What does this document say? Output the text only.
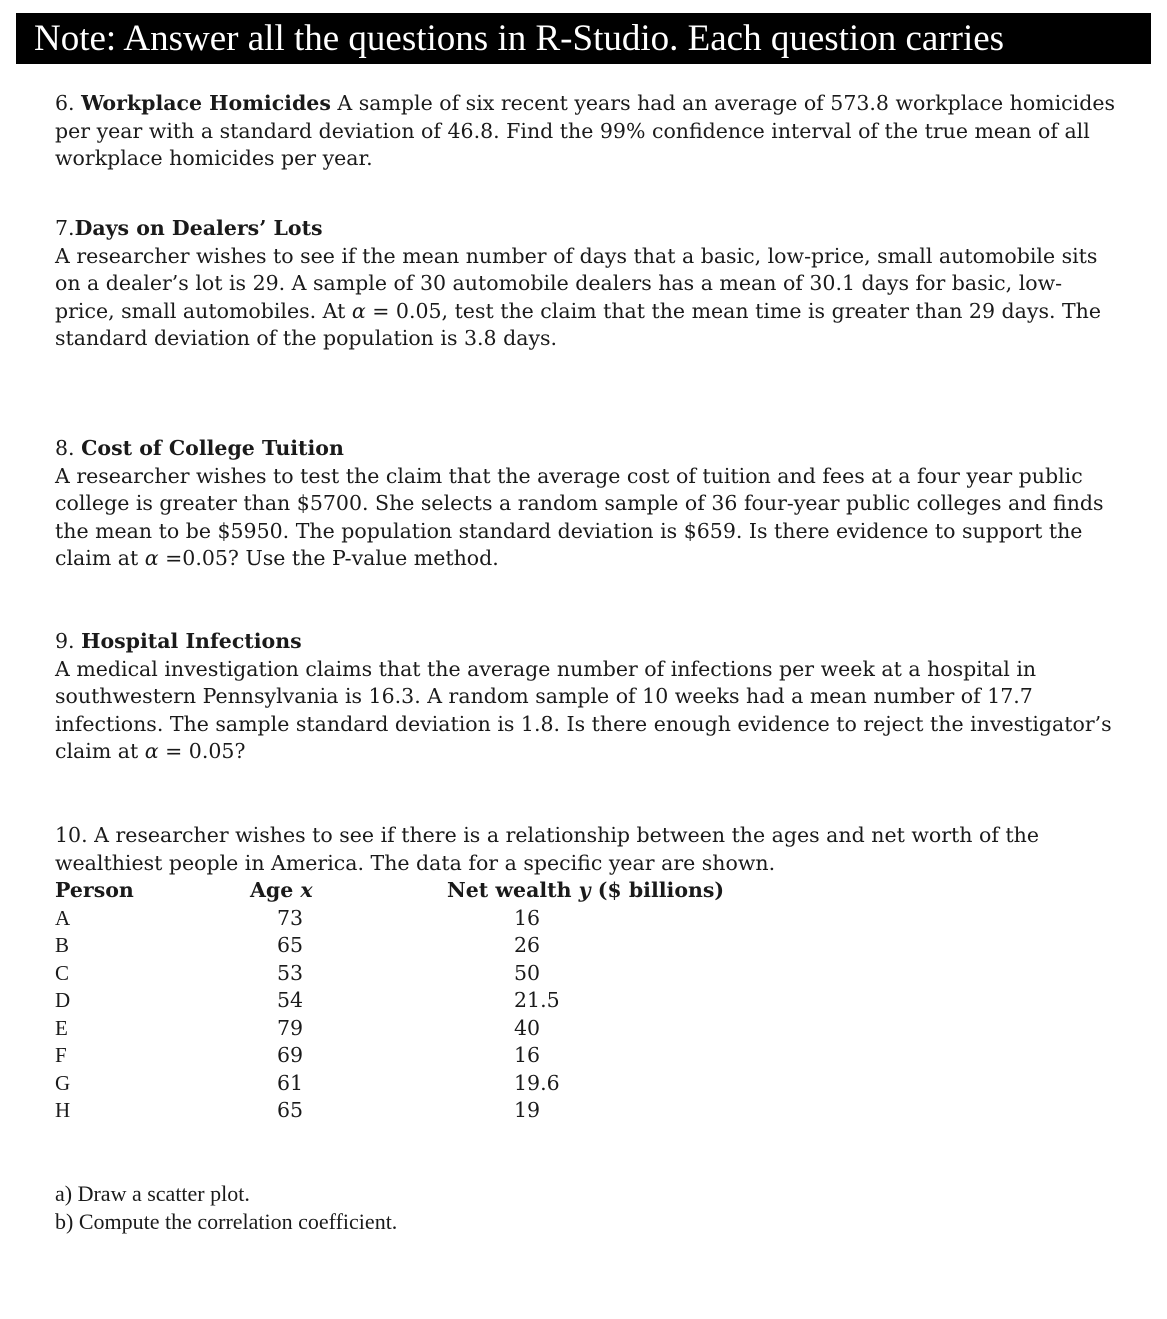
Note: Answer all the questions in R-Studio. Each question carries

6. Workplace Homicides A sample of six recent years had an average of 573.8 workplace homicides per year with a standard deviation of 46.8. Find the 99% confidence interval of the true mean of all workplace homicides per year.

7.Days on Dealers’ Lots

A researcher wishes to see if the mean number of days that a basic, low-price, small automobile sits on a dealer’s lot is 29. A sample of 30 automobile dealers has a mean of 30.1 days for basic, low-price, small automobiles. At α = 0.05, test the claim that the mean time is greater than 29 days. The standard deviation of the population is 3.8 days.

8. Cost of College Tuition

A researcher wishes to test the claim that the average cost of tuition and fees at a four year public college is greater than $5700. She selects a random sample of 36 four-year public colleges and finds the mean to be $5950. The population standard deviation is $659. Is there evidence to support the claim at α =0.05? Use the P-value method.

9. Hospital Infections

A medical investigation claims that the average number of infections per week at a hospital in southwestern Pennsylvania is 16.3. A random sample of 10 weeks had a mean number of 17.7 infections. The sample standard deviation is 1.8. Is there enough evidence to reject the investigator’s claim at α = 0.05?

10. A researcher wishes to see if there is a relationship between the ages and net worth of the wealthiest people in America. The data for a specific year are shown.

Person	Age x	Net wealth y ($ billions)
A	73	16
B	65	26
C	53	50
D	54	21.5
E	79	40
F	69	16
G	61	19.6
H	65	19

a) Draw a scatter plot.

b) Compute the correlation coefficient.
